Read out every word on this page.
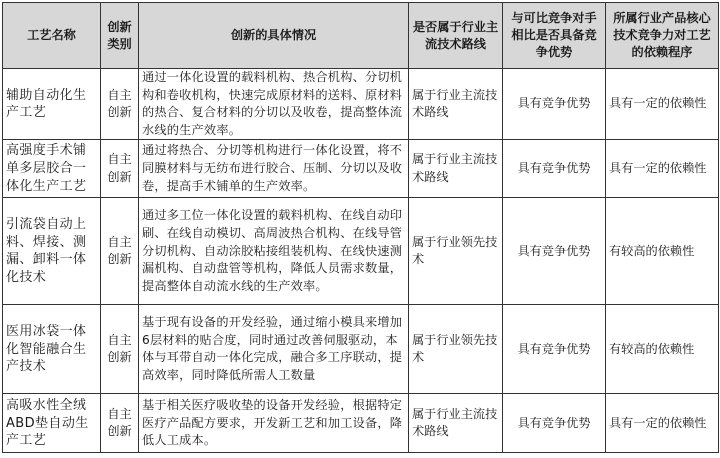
工艺名称	创新类别	创新的具体情况	是否属于行业主流技术路线	与可比竞争对手相比是否具备竞争优势	所属行业产品核心技术竞争力对工艺的依赖程序
辅助自动化生产工艺	自主创新	通过一体化设置的载料机构、热合机构、分切机构和卷收机构，快速完成原材料的送料、原材料的热合、复合材料的分切以及收卷，提高整体流水线的生产效率。	属于行业主流技术路线	具有竞争优势	具有一定的依赖性
高强度手术铺单多层胶合一体化生产工艺	自主创新	通过将热合、分切等机构进行一体化设置，将不同膜材料与无纺布进行胶合、压制、分切以及收卷，提高手术铺单的生产效率。	属于行业主流技术路线	具有竞争优势	具有一定的依赖性
引流袋自动上料、焊接、测漏、卸料一体化技术	自主创新	通过多工位一体化设置的载料机构、在线自动印刷、在线自动模切、高周波热合机构、在线导管分切机构、自动涂胶粘接组装机构、在线快速测漏机构、自动盘管等机构，降低人员需求数量，提高整体自动流水线的生产效率。	属于行业领先技术	具有竞争优势	有较高的依赖性
医用冰袋一体化智能融合生产技术	自主创新	基于现有设备的开发经验，通过缩小模具来增加6层材料的贴合度，同时通过改善伺服驱动，本体与耳带自动一体化完成，融合多工序联动，提高效率，同时降低所需人工数量	属于行业领先技术	具有竞争优势	有较高的依赖性
高吸水性全绒ABD垫自动生产工艺	自主创新	基于相关医疗吸收垫的设备开发经验，根据特定医疗产品配方要求，开发新工艺和加工设备，降低人工成本。	属于行业主流技术路线	具有竞争优势	具有一定的依赖性
